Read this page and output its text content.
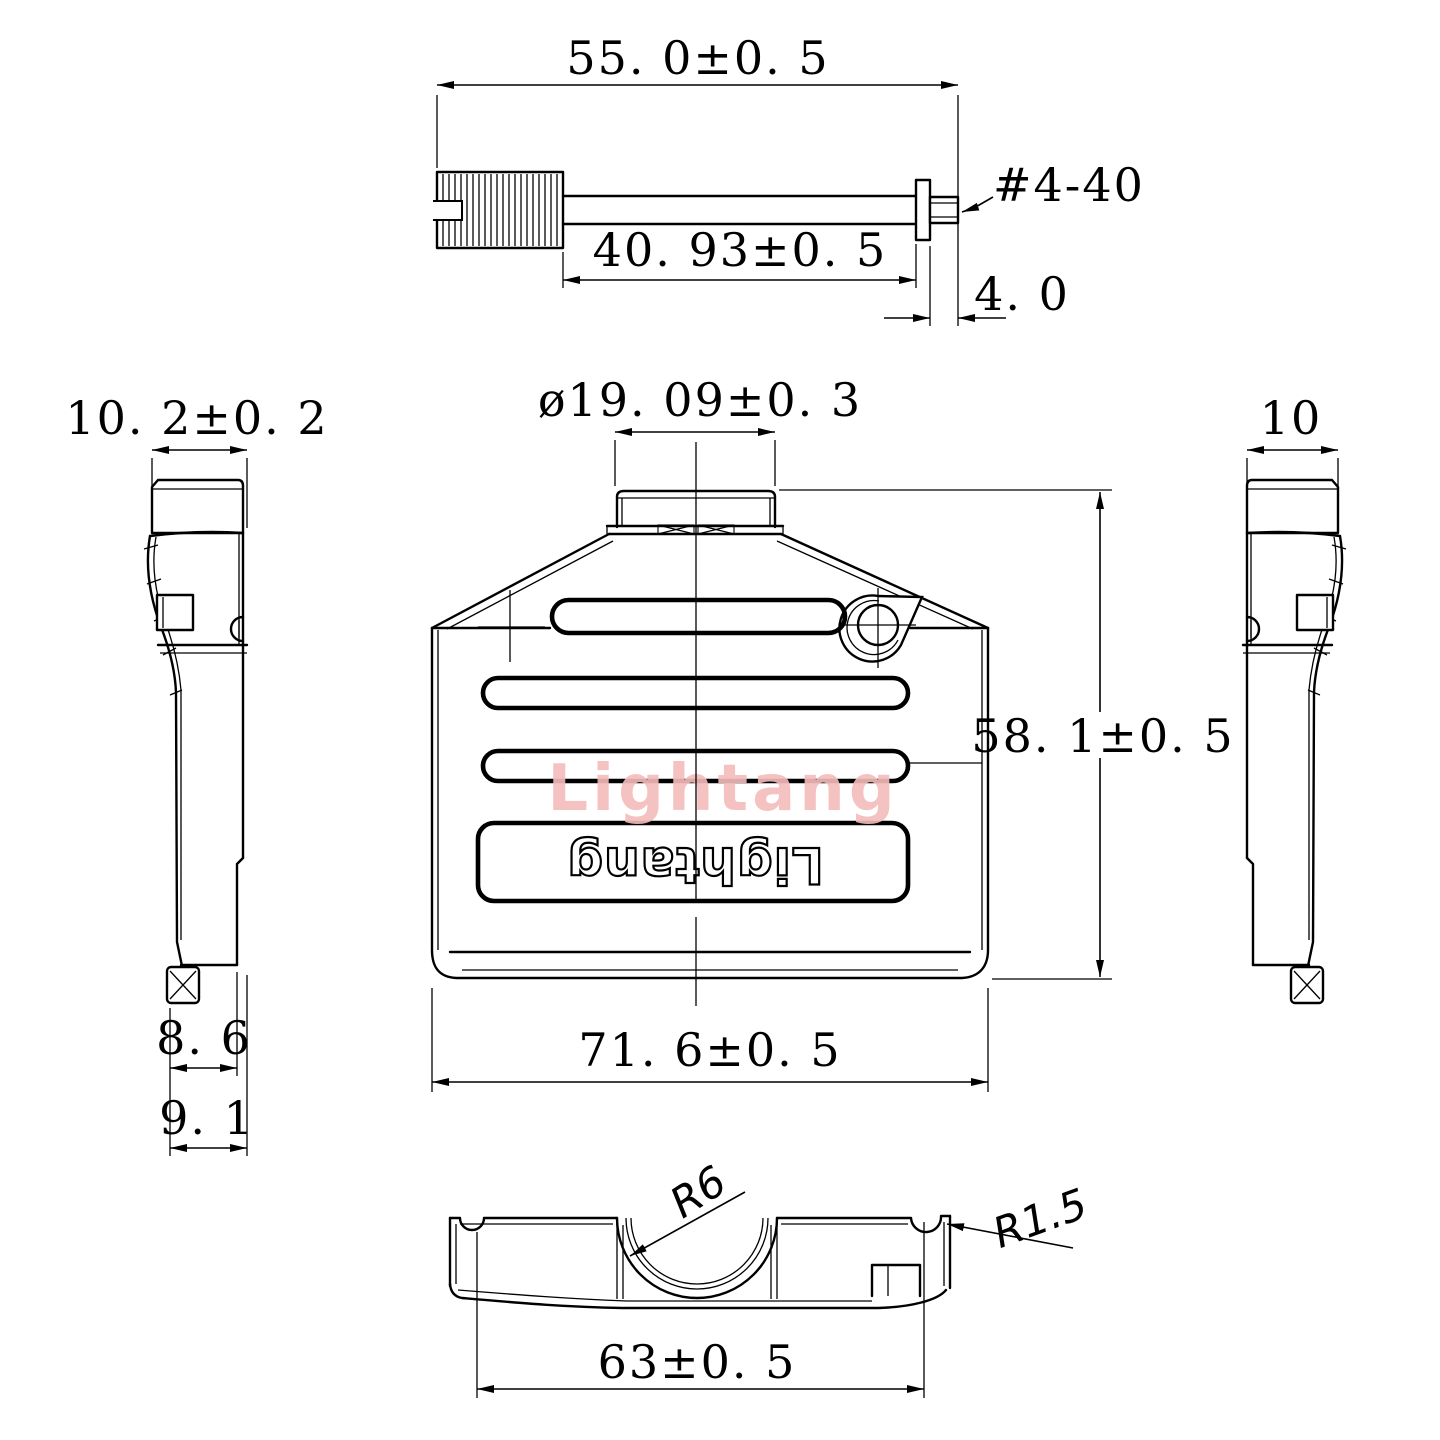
55. 0±0. 5
40. 93±0. 5
4. 0
#4-40
ø19. 09±0. 3
Lightang
Lightang
58. 1±0. 5
71. 6±0. 5
10. 2±0. 2
8. 6
9. 1
10
R6	R1.5
63±0. 5
